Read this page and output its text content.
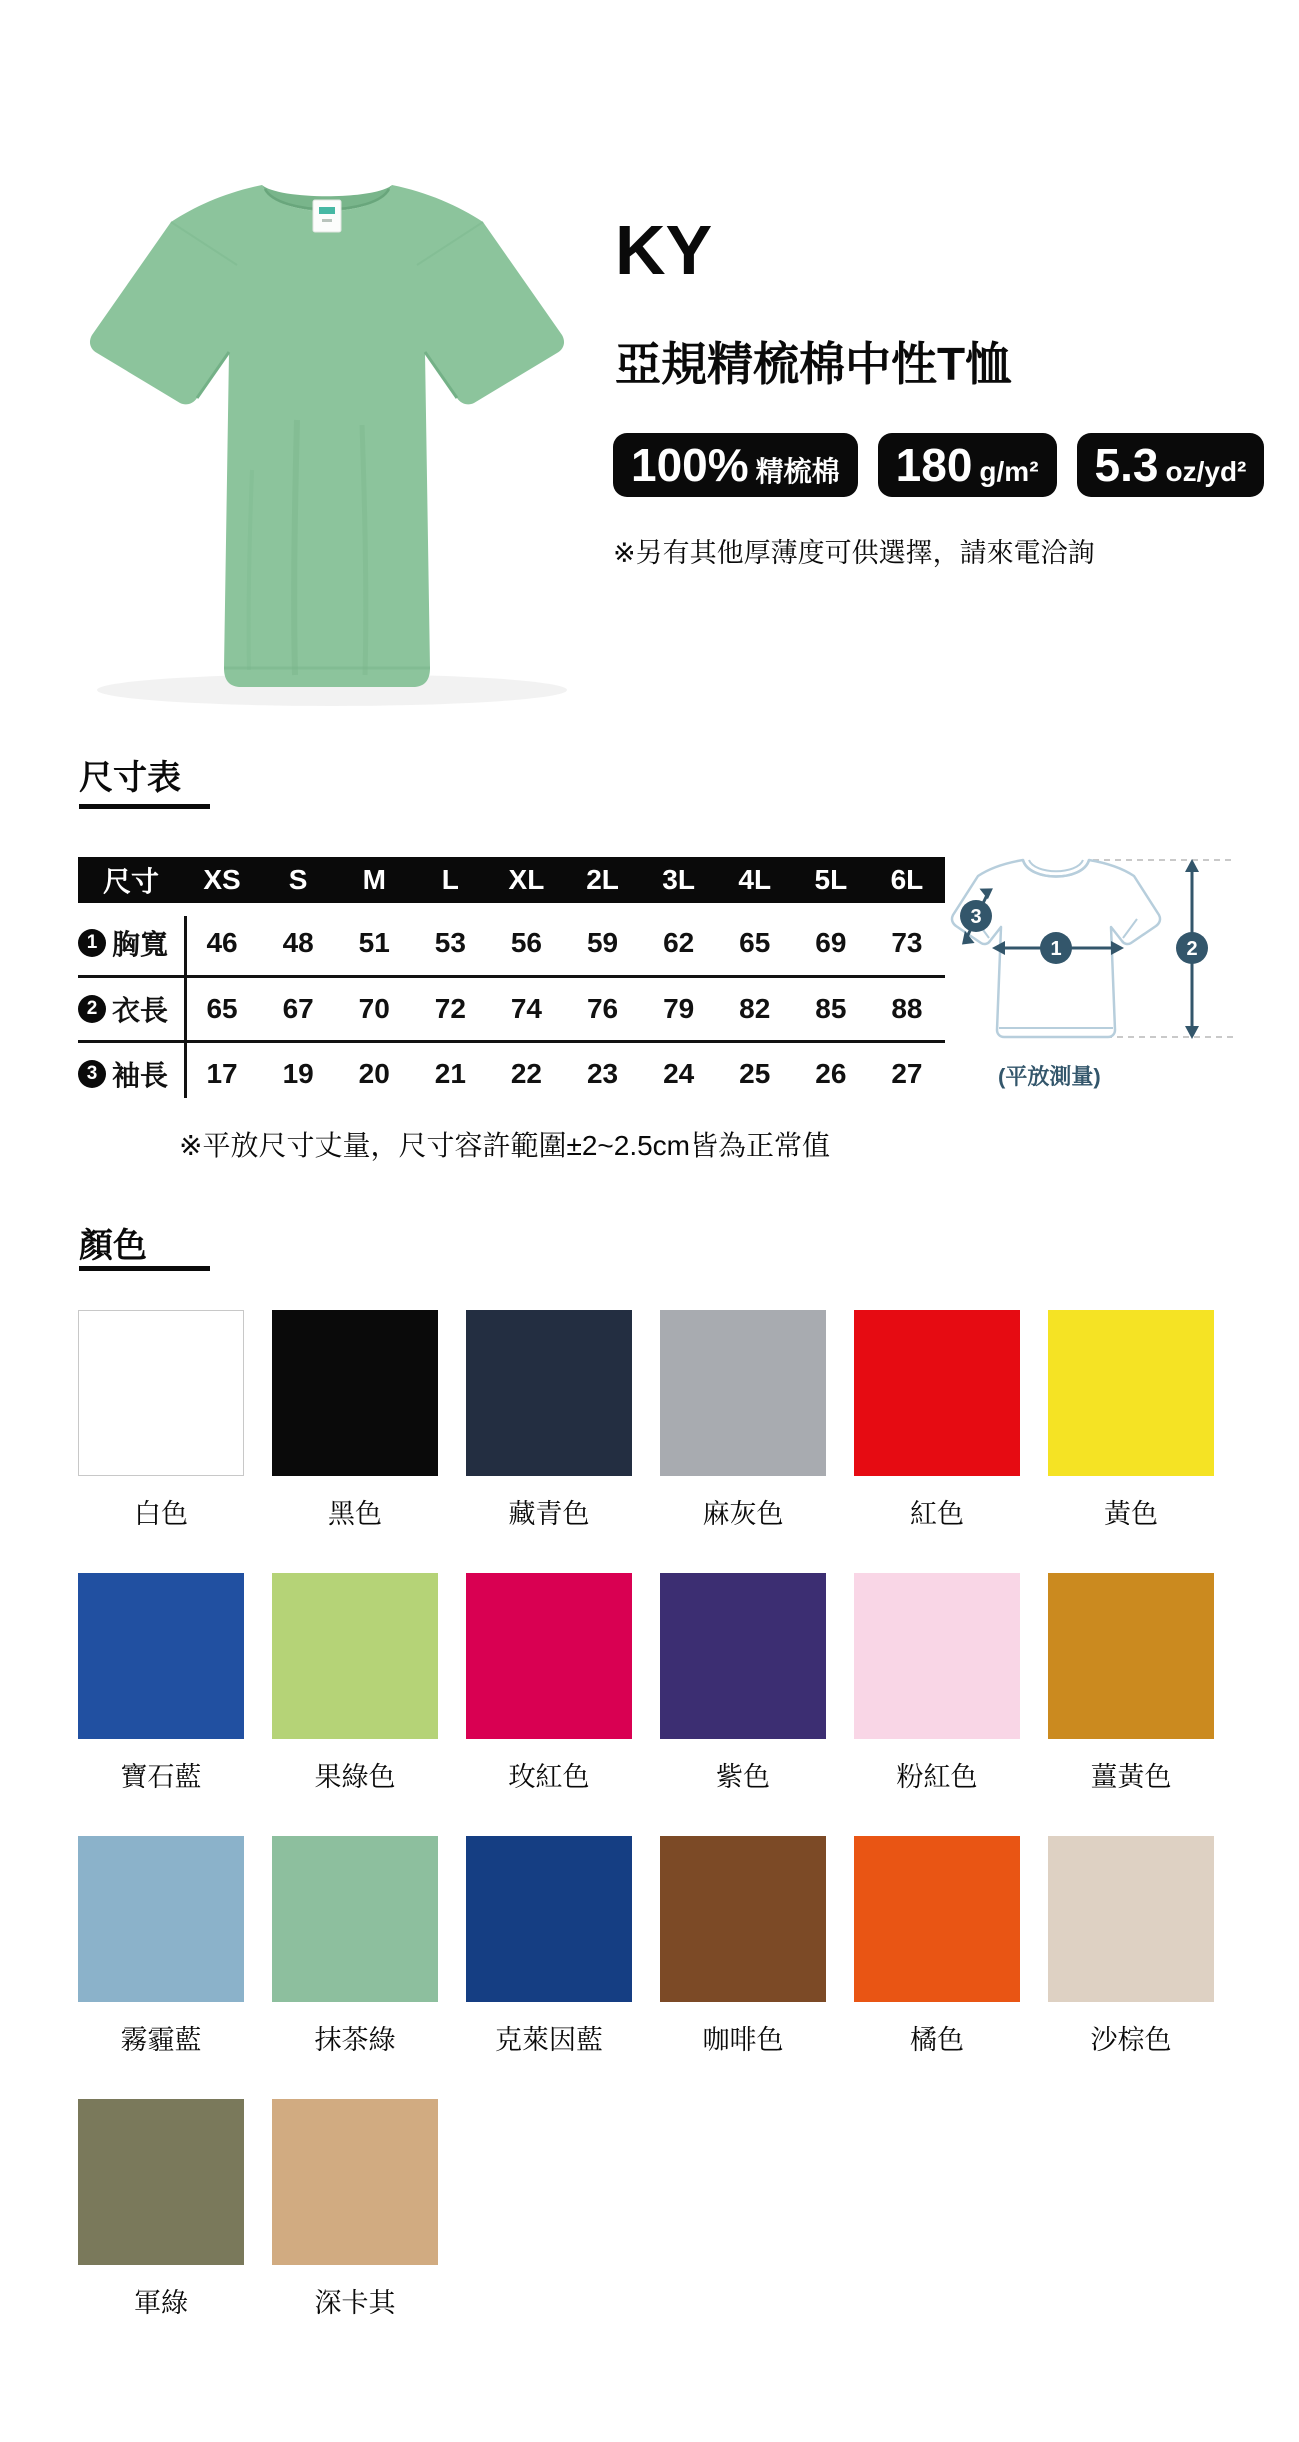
KY
亞規精梳棉中性T恤
100% 精梳棉 180 g/m² 5.3 oz/yd²
※另有其他厚薄度可供選擇，請來電洽詢
尺寸表
尺寸	XS	S	M	L	XL	2L	3L	4L	5L	6L
1 胸寬	46	48	51	53	56	59	62	65	69	73
2 衣長	65	67	70	72	74	76	79	82	85	88
3 袖長	17	19	20	21	22	23	24	25	26	27
※平放尺寸丈量，尺寸容許範圍±2~2.5cm皆為正常值
1	2
3
(平放測量)
顏色
白色	黑色	藏青色	麻灰色	紅色	黃色
寶石藍	果綠色	玫紅色	紫色	粉紅色	薑黃色
霧霾藍	抹茶綠	克萊因藍	咖啡色	橘色	沙棕色
軍綠	深卡其
